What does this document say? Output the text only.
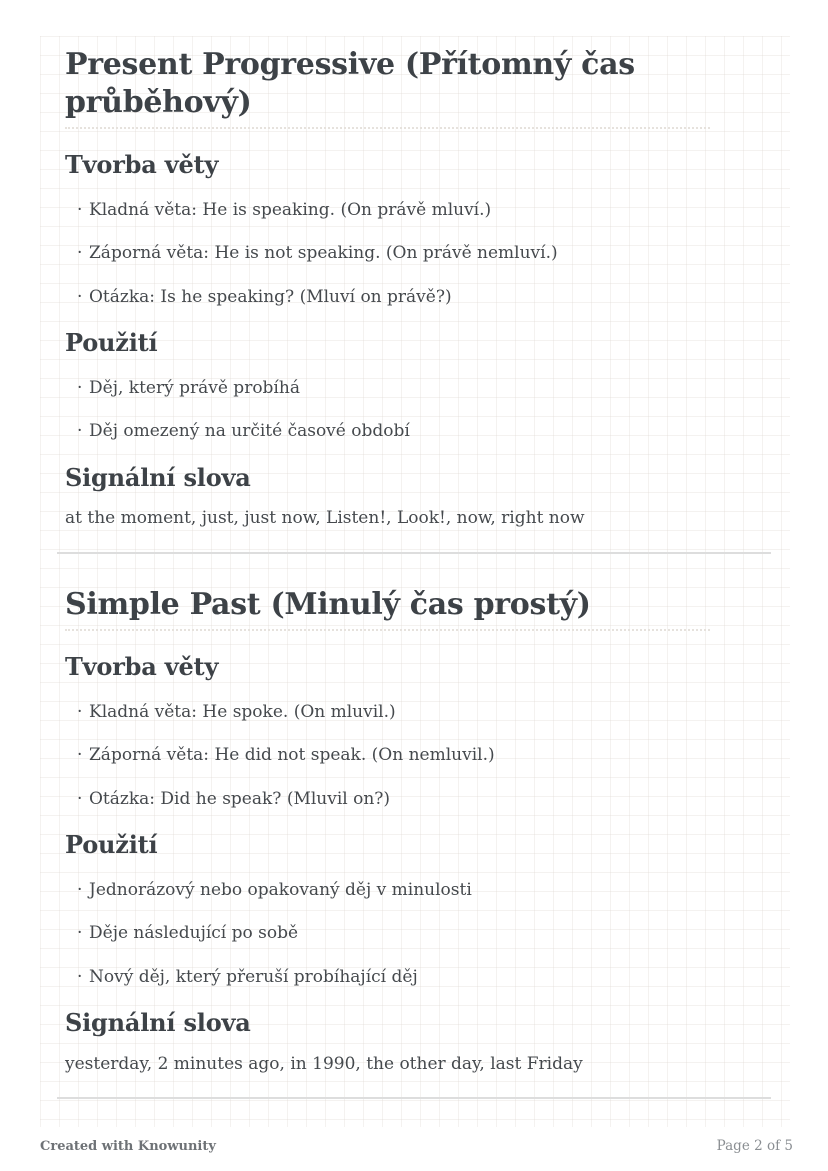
Present Progressive (Přítomný čas průběhový)
Tvorba věty
· Kladná věta: He is speaking. (On právě mluví.)
· Záporná věta: He is not speaking. (On právě nemluví.)
· Otázka: Is he speaking? (Mluví on právě?)
Použití
· Děj, který právě probíhá
· Děj omezený na určité časové období
Signální slova

at the moment, just, just now, Listen!, Look!, now, right now

Simple Past (Minulý čas prostý)
Tvorba věty
· Kladná věta: He spoke. (On mluvil.)
· Záporná věta: He did not speak. (On nemluvil.)
· Otázka: Did he speak? (Mluvil on?)
Použití
· Jednorázový nebo opakovaný děj v minulosti
· Děje následující po sobě
· Nový děj, který přeruší probíhající děj
Signální slova

yesterday, 2 minutes ago, in 1990, the other day, last Friday

Created with Knowunity	Page 2 of 5
